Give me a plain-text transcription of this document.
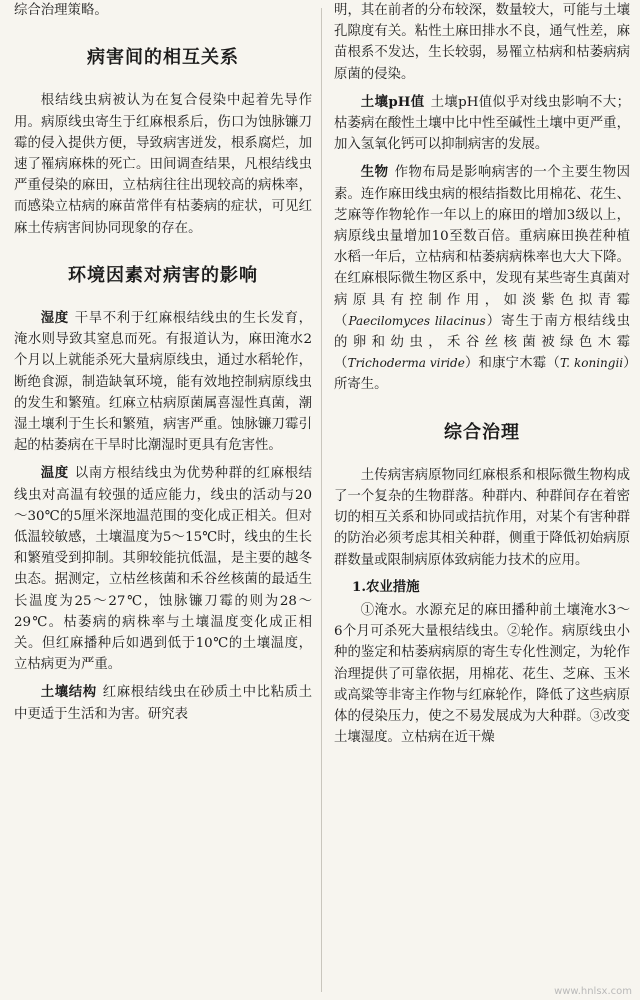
综合治理策略。

病害间的相互关系

根结线虫病被认为在复合侵染中起着先导作用。病原线虫寄生于红麻根系后，伤口为蚀脉镰刀霉的侵入提供方便，导致病害迸发，根系腐烂，加速了罹病麻株的死亡。田间调查结果，凡根结线虫严重侵染的麻田，立枯病往往出现较高的病株率，而感染立枯病的麻苗常伴有枯萎病的症状，可见红麻土传病害间协同现象的存在。

环境因素对病害的影响

湿度 干旱不利于红麻根结线虫的生长发育，淹水则导致其窒息而死。有报道认为，麻田淹水2个月以上就能杀死大量病原线虫，通过水稻轮作，断绝食源，制造缺氧环境，能有效地控制病原线虫的发生和繁殖。红麻立枯病原菌属喜湿性真菌，潮湿土壤利于生长和繁殖，病害严重。蚀脉镰刀霉引起的枯萎病在干旱时比潮湿时更具有危害性。

温度 以南方根结线虫为优势种群的红麻根结线虫对高温有较强的适应能力，线虫的活动与20～30℃的5厘米深地温范围的变化成正相关。但对低温较敏感，土壤温度为5～15℃时，线虫的生长和繁殖受到抑制。其卵较能抗低温，是主要的越冬虫态。据测定，立枯丝核菌和禾谷丝核菌的最适生长温度为25～27℃，蚀脉镰刀霉的则为28～29℃。枯萎病的病株率与土壤温度变化成正相关。但红麻播种后如遇到低于10℃的土壤温度，立枯病更为严重。

土壤结构 红麻根结线虫在砂质土中比粘质土中更适于生活和为害。研究表

明，其在前者的分布较深，数量较大，可能与土壤孔隙度有关。粘性土麻田排水不良，通气性差，麻苗根系不发达，生长较弱，易罹立枯病和枯萎病病原菌的侵染。

土壤pH值 土壤pH值似乎对线虫影响不大；枯萎病在酸性土壤中比中性至碱性土壤中更严重，加入氢氧化钙可以抑制病害的发展。

生物 作物布局是影响病害的一个主要生物因素。连作麻田线虫病的根结指数比用棉花、花生、芝麻等作物轮作一年以上的麻田的增加3级以上，病原线虫量增加10至数百倍。重病麻田换茬种植水稻一年后，立枯病和枯萎病病株率也大大下降。在红麻根际微生物区系中，发现有某些寄生真菌对病原具有控制作用，如淡紫色拟青霉（Paecilomyces lilacinus）寄生于南方根结线虫的卵和幼虫，禾谷丝核菌被绿色木霉（Trichoderma viride）和康宁木霉（T. koningii）所寄生。

综合治理

土传病害病原物同红麻根系和根际微生物构成了一个复杂的生物群落。种群内、种群间存在着密切的相互关系和协同或拮抗作用，对某个有害种群的防治必须考虑其相关种群，侧重于降低初始病原群数量或限制病原体致病能力技术的应用。

1.农业措施

①淹水。水源充足的麻田播种前土壤淹水3～6个月可杀死大量根结线虫。②轮作。病原线虫小种的鉴定和枯萎病病原的寄生专化性测定，为轮作治理提供了可靠依据，用棉花、花生、芝麻、玉米或高粱等非寄主作物与红麻轮作，降低了这些病原体的侵染压力，使之不易发展成为大种群。③改变土壤湿度。立枯病在近干燥

www.hnlsx.com
